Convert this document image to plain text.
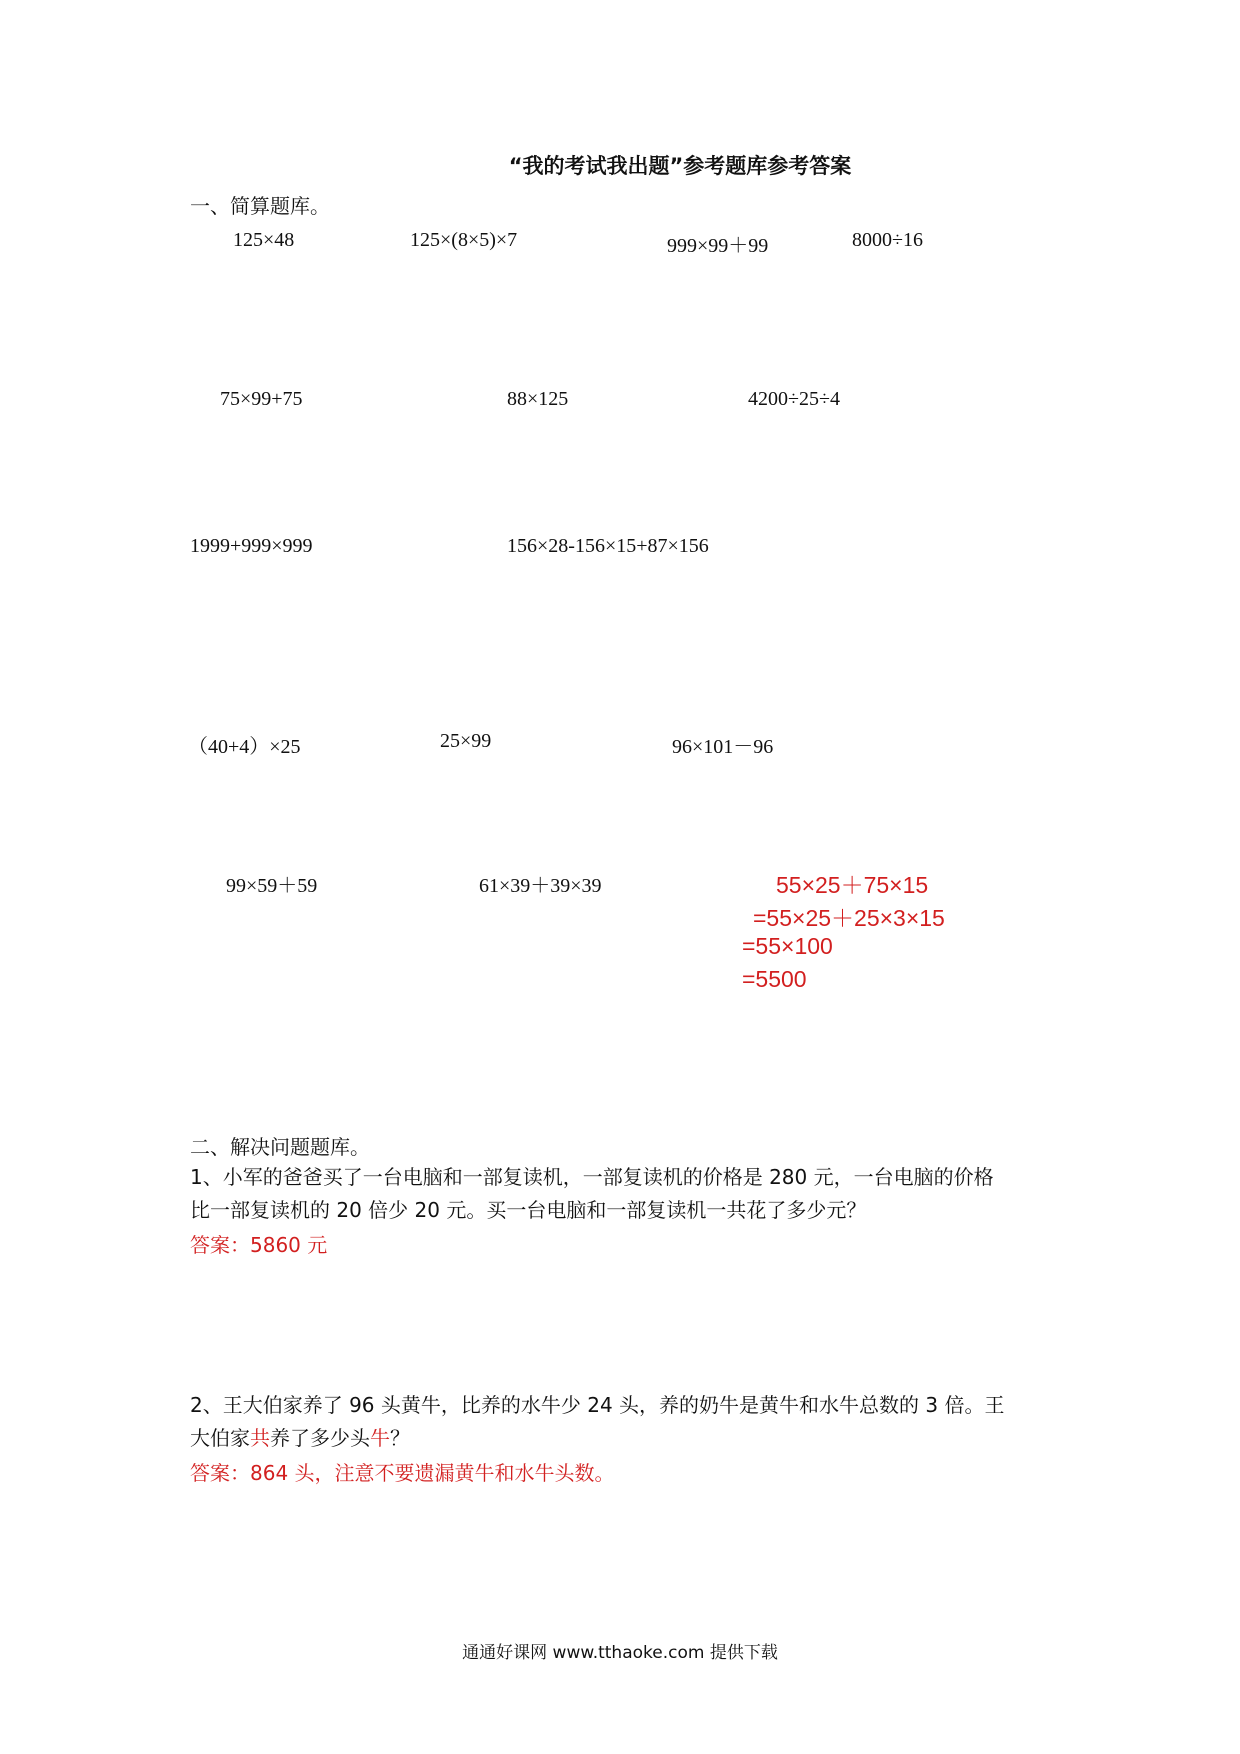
“我的考试我出题”参考题库参考答案
一、简算题库。
125×48	125×(8×5)×7	999×99＋99	8000÷16
75×99+75	88×125	4200÷25÷4
1999+999×999	156×28-156×15+87×156
（40+4）×25	25×99	96×101－96
99×59＋59	61×39＋39×39	55×25＋75×15
=55×25＋25×3×15
=55×100
=5500
二、解决问题题库。
1、小军的爸爸买了一台电脑和一部复读机，一部复读机的价格是 280 元，一台电脑的价格
比一部复读机的 20 倍少 20 元。买一台电脑和一部复读机一共花了多少元？
答案：5860 元
2、王大伯家养了 96 头黄牛，比养的水牛少 24 头，养的奶牛是黄牛和水牛总数的 3 倍。王
大伯家共养了多少头牛？
答案：864 头，注意不要遗漏黄牛和水牛头数。
通通好课网 www.tthaoke.com 提供下载
